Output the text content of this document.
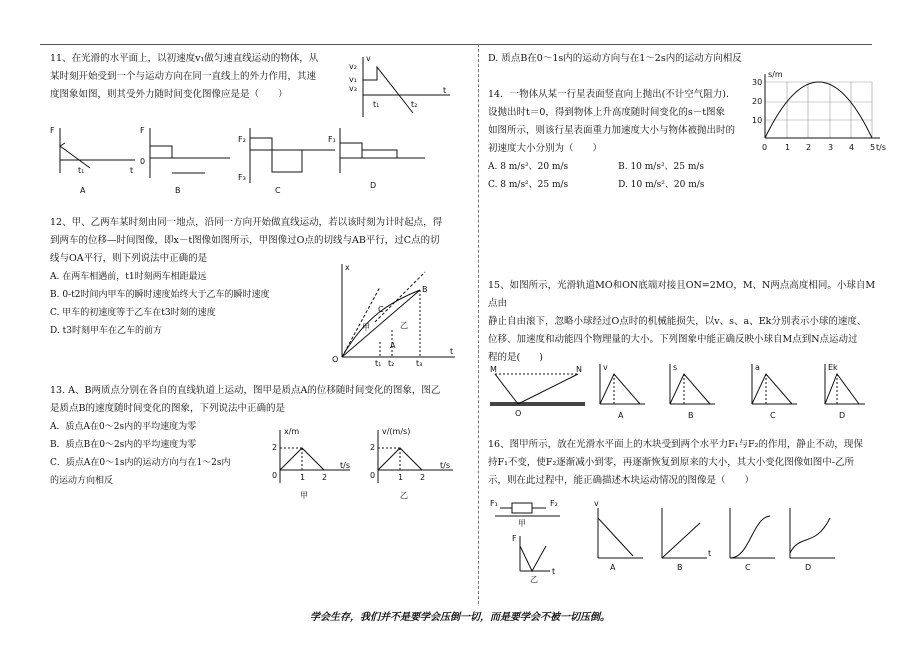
11、在光滑的水平面上，以初速度v₁做匀速直线运动的物体，从
某时刻开始受到一个与运动方向在同一直线上的外力作用，其速
度图象如图，则其受外力随时间变化图像应是是（　　）
v
v₂
v₁
v₃
t₁	t₂
t
F
t₁	t
A
F
0
B
F₂
F₃
C
F₁
D
12、甲、乙两车某时刻由同一地点，沿同一方向开始做直线运动，若以该时刻为计时起点，得
到两车的位移—时间图像，即x－t图像如图所示，甲图像过O点的切线与AB平行，过C点的切
线与OA平行，则下列说法中正确的是
A. 在两车相遇前，t1时刻两车相距最远
B. 0-t2时间内甲车的瞬时速度始终大于乙车的瞬时速度
C. 甲车的初速度等于乙车在t3时刻的速度
D. t3时刻甲车在乙车的前方
x
甲	乙
A
B
C
O	t₁ t₂	t₃
t
13. A、B两质点分别在各自的直线轨道上运动，图甲是质点A的位移随时间变化的图象，图乙
是质点B的速度随时间变化的图象，下列说法中正确的是
A．质点A在0～2s内的平均速度为零
B．质点B在0～2s内的平均速度为零
C．质点A在0～1s内的运动方向与在1～2s内
的运动方向相反
x/m
2
0	1 2
t/s
甲
v/(m/s)
2
0	1 2
t/s
乙
D. 质点B在0～1s内的运动方向与在1～2s内的运动方向相反
14．一物体从某一行星表面竖直向上抛出(不计空气阻力)．
设抛出时t＝0，得到物体上升高度随时间变化的s－t图象
如图所示，则该行星表面重力加速度大小与物体被抛出时的
初速度大小分别为（　　）
A. 8 m/s²、20 m/s	B. 10 m/s²、25 m/s
C. 8 m/s²、25 m/s	D. 10 m/s²、20 m/s
s/m
30
20
10
0 1 2 3 4 5 t/s
15、如图所示，光滑轨道MO和ON底端对接且ON=2MO，M、N两点高度相同。小球自M点由
静止自由滚下，忽略小球经过O点时的机械能损失，以v、s、a、Ek分别表示小球的速度、
位移、加速度和动能四个物理量的大小。下列图象中能正确反映小球自M点到N点运动过
程的是(　　)
M	N
O
v
A
s
B
a
C
Ek
D
16、图甲所示，放在光滑水平面上的木块受到两个水平力F₁与F₂的作用，静止不动，现保
持F₁不变，使F₂逐渐减小到零，再逐渐恢复到原来的大小，其大小变化图像如图中-乙所
示，则在此过程中，能正确描述木块运动情况的图像是（　　）
F₁	F₂
甲
F
t
乙
v
A
t
B	C	D
学会生存，我们并不是要学会压倒一切，而是要学会不被一切压倒。
